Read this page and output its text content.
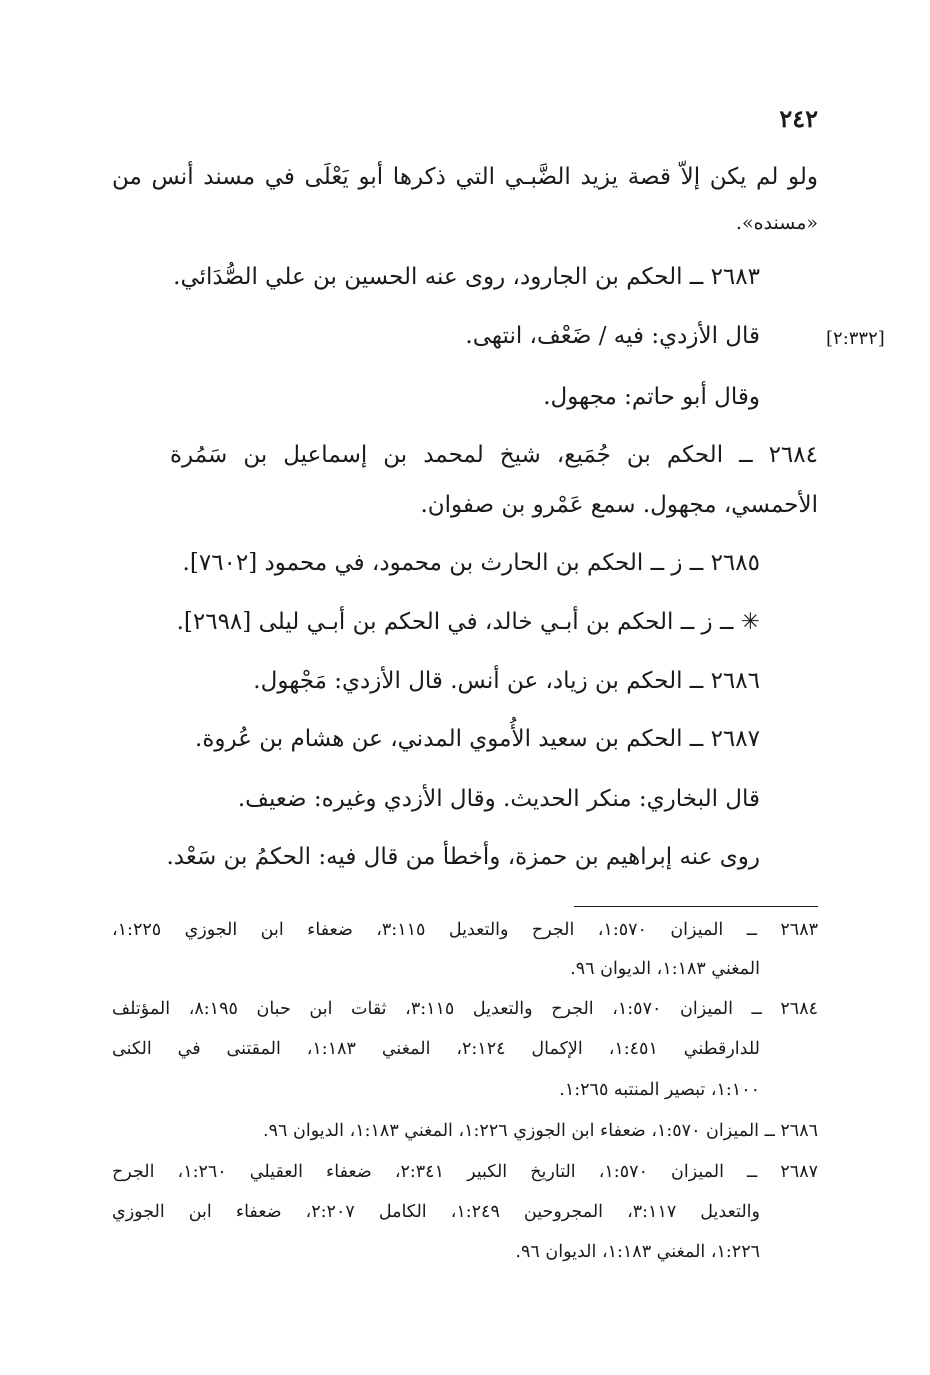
٢٤٢
[٢:٣٣٢]
ولو لم يكن إلاّ قصة يزيد الضَّبـي التي ذكرها أبو يَعْلَى في مسند أنس من
«مسنده».
٢٦٨٣ ــ الحكم بن الجارود، روى عنه الحسين بن علي الصُّدَائي.
قال الأزدي: فيه / ضَعْف، انتهى.
وقال أبو حاتم: مجهول.
٢٦٨٤ ــ الحكم بن جُمَيع، شيخ لمحمد بن إسماعيل بن سَمُرة
الأحمسي، مجهول. سمع عَمْرو بن صفوان.
٢٦٨٥ ــ ز ــ الحكم بن الحارث بن محمود، في محمود [٧٦٠٢].
✳ ــ ز ــ الحكم بن أبـي خالد، في الحكم بن أبـي ليلى [٢٦٩٨].
٢٦٨٦ ــ الحكم بن زياد، عن أنس. قال الأزدي: مَجْهول.
٢٦٨٧ ــ الحكم بن سعيد الأُموي المدني، عن هشام بن عُروة.
قال البخاري: منكر الحديث. وقال الأزدي وغيره: ضعيف.
روى عنه إبراهيم بن حمزة، وأخطأ من قال فيه: الحكمُ بن سَعْد.
٢٦٨٣ ــ الميزان ١:٥٧٠، الجرح والتعديل ٣:١١٥، ضعفاء ابن الجوزي ١:٢٢٥،
المغني ١:١٨٣، الديوان ٩٦.
٢٦٨٤ ــ الميزان ١:٥٧٠، الجرح والتعديل ٣:١١٥، ثقات ابن حبان ٨:١٩٥، المؤتلف
للدارقطني ١:٤٥١، الإكمال ٢:١٢٤، المغني ١:١٨٣، المقتنى في الكنى
١:١٠٠، تبصير المنتبه ١:٢٦٥.
٢٦٨٦ ــ الميزان ١:٥٧٠، ضعفاء ابن الجوزي ١:٢٢٦، المغني ١:١٨٣، الديوان ٩٦.
٢٦٨٧ ــ الميزان ١:٥٧٠، التاريخ الكبير ٢:٣٤١، ضعفاء العقيلي ١:٢٦٠، الجرح
والتعديل ٣:١١٧، المجروحين ١:٢٤٩، الكامل ٢:٢٠٧، ضعفاء ابن الجوزي
١:٢٢٦، المغني ١:١٨٣، الديوان ٩٦.
